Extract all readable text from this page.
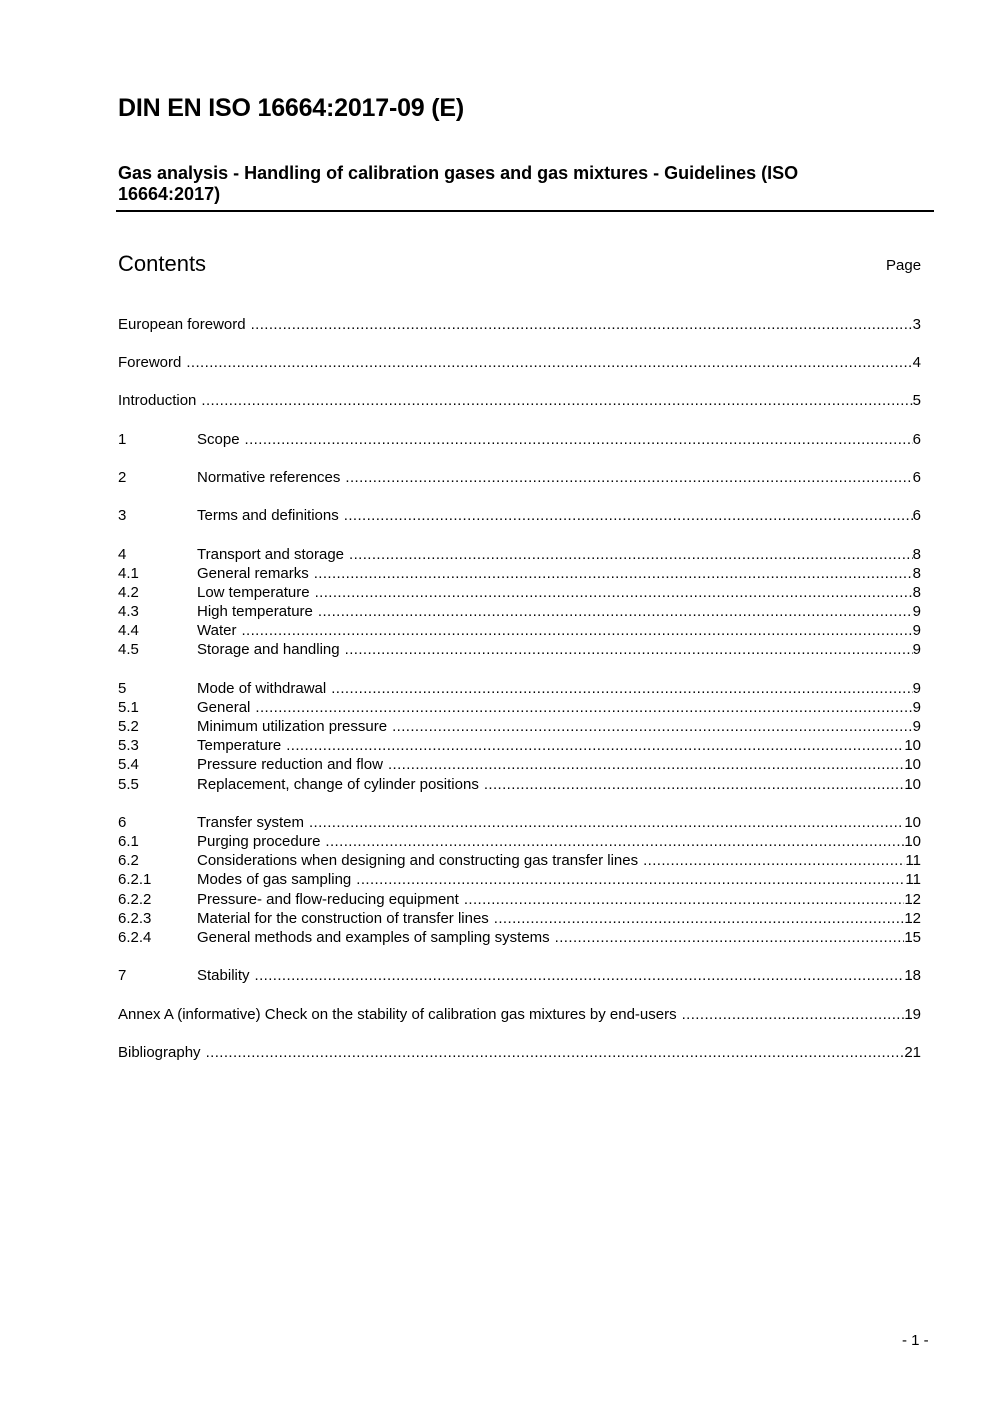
DIN EN ISO 16664:2017-09 (E)
Gas analysis - Handling of calibration gases and gas mixtures - Guidelines (ISO 16664:2017)
Contents	Page
European foreword .....	3
Foreword .....	4
Introduction .....	5
1	Scope .....	6
2	Normative references .....	6
3	Terms and definitions .....	6
4	Transport and storage .....	8
4.1	General remarks .....	8
4.2	Low temperature .....	8
4.3	High temperature .....	9
4.4	Water .....	9
4.5	Storage and handling .....	9
5	Mode of withdrawal .....	9
5.1	General .....	9
5.2	Minimum utilization pressure .....	9
5.3	Temperature .....	10
5.4	Pressure reduction and flow .....	10
5.5	Replacement, change of cylinder positions .....	10
6	Transfer system .....	10
6.1	Purging procedure .....	10
6.2	Considerations when designing and constructing gas transfer lines .....	11
6.2.1	Modes of gas sampling .....	11
6.2.2	Pressure- and flow-reducing equipment .....	12
6.2.3	Material for the construction of transfer lines .....	12
6.2.4	General methods and examples of sampling systems .....	15
7	Stability .....	18
Annex A (informative) Check on the stability of calibration gas mixtures by end-users .....	19
Bibliography .....	21
- 1 -
